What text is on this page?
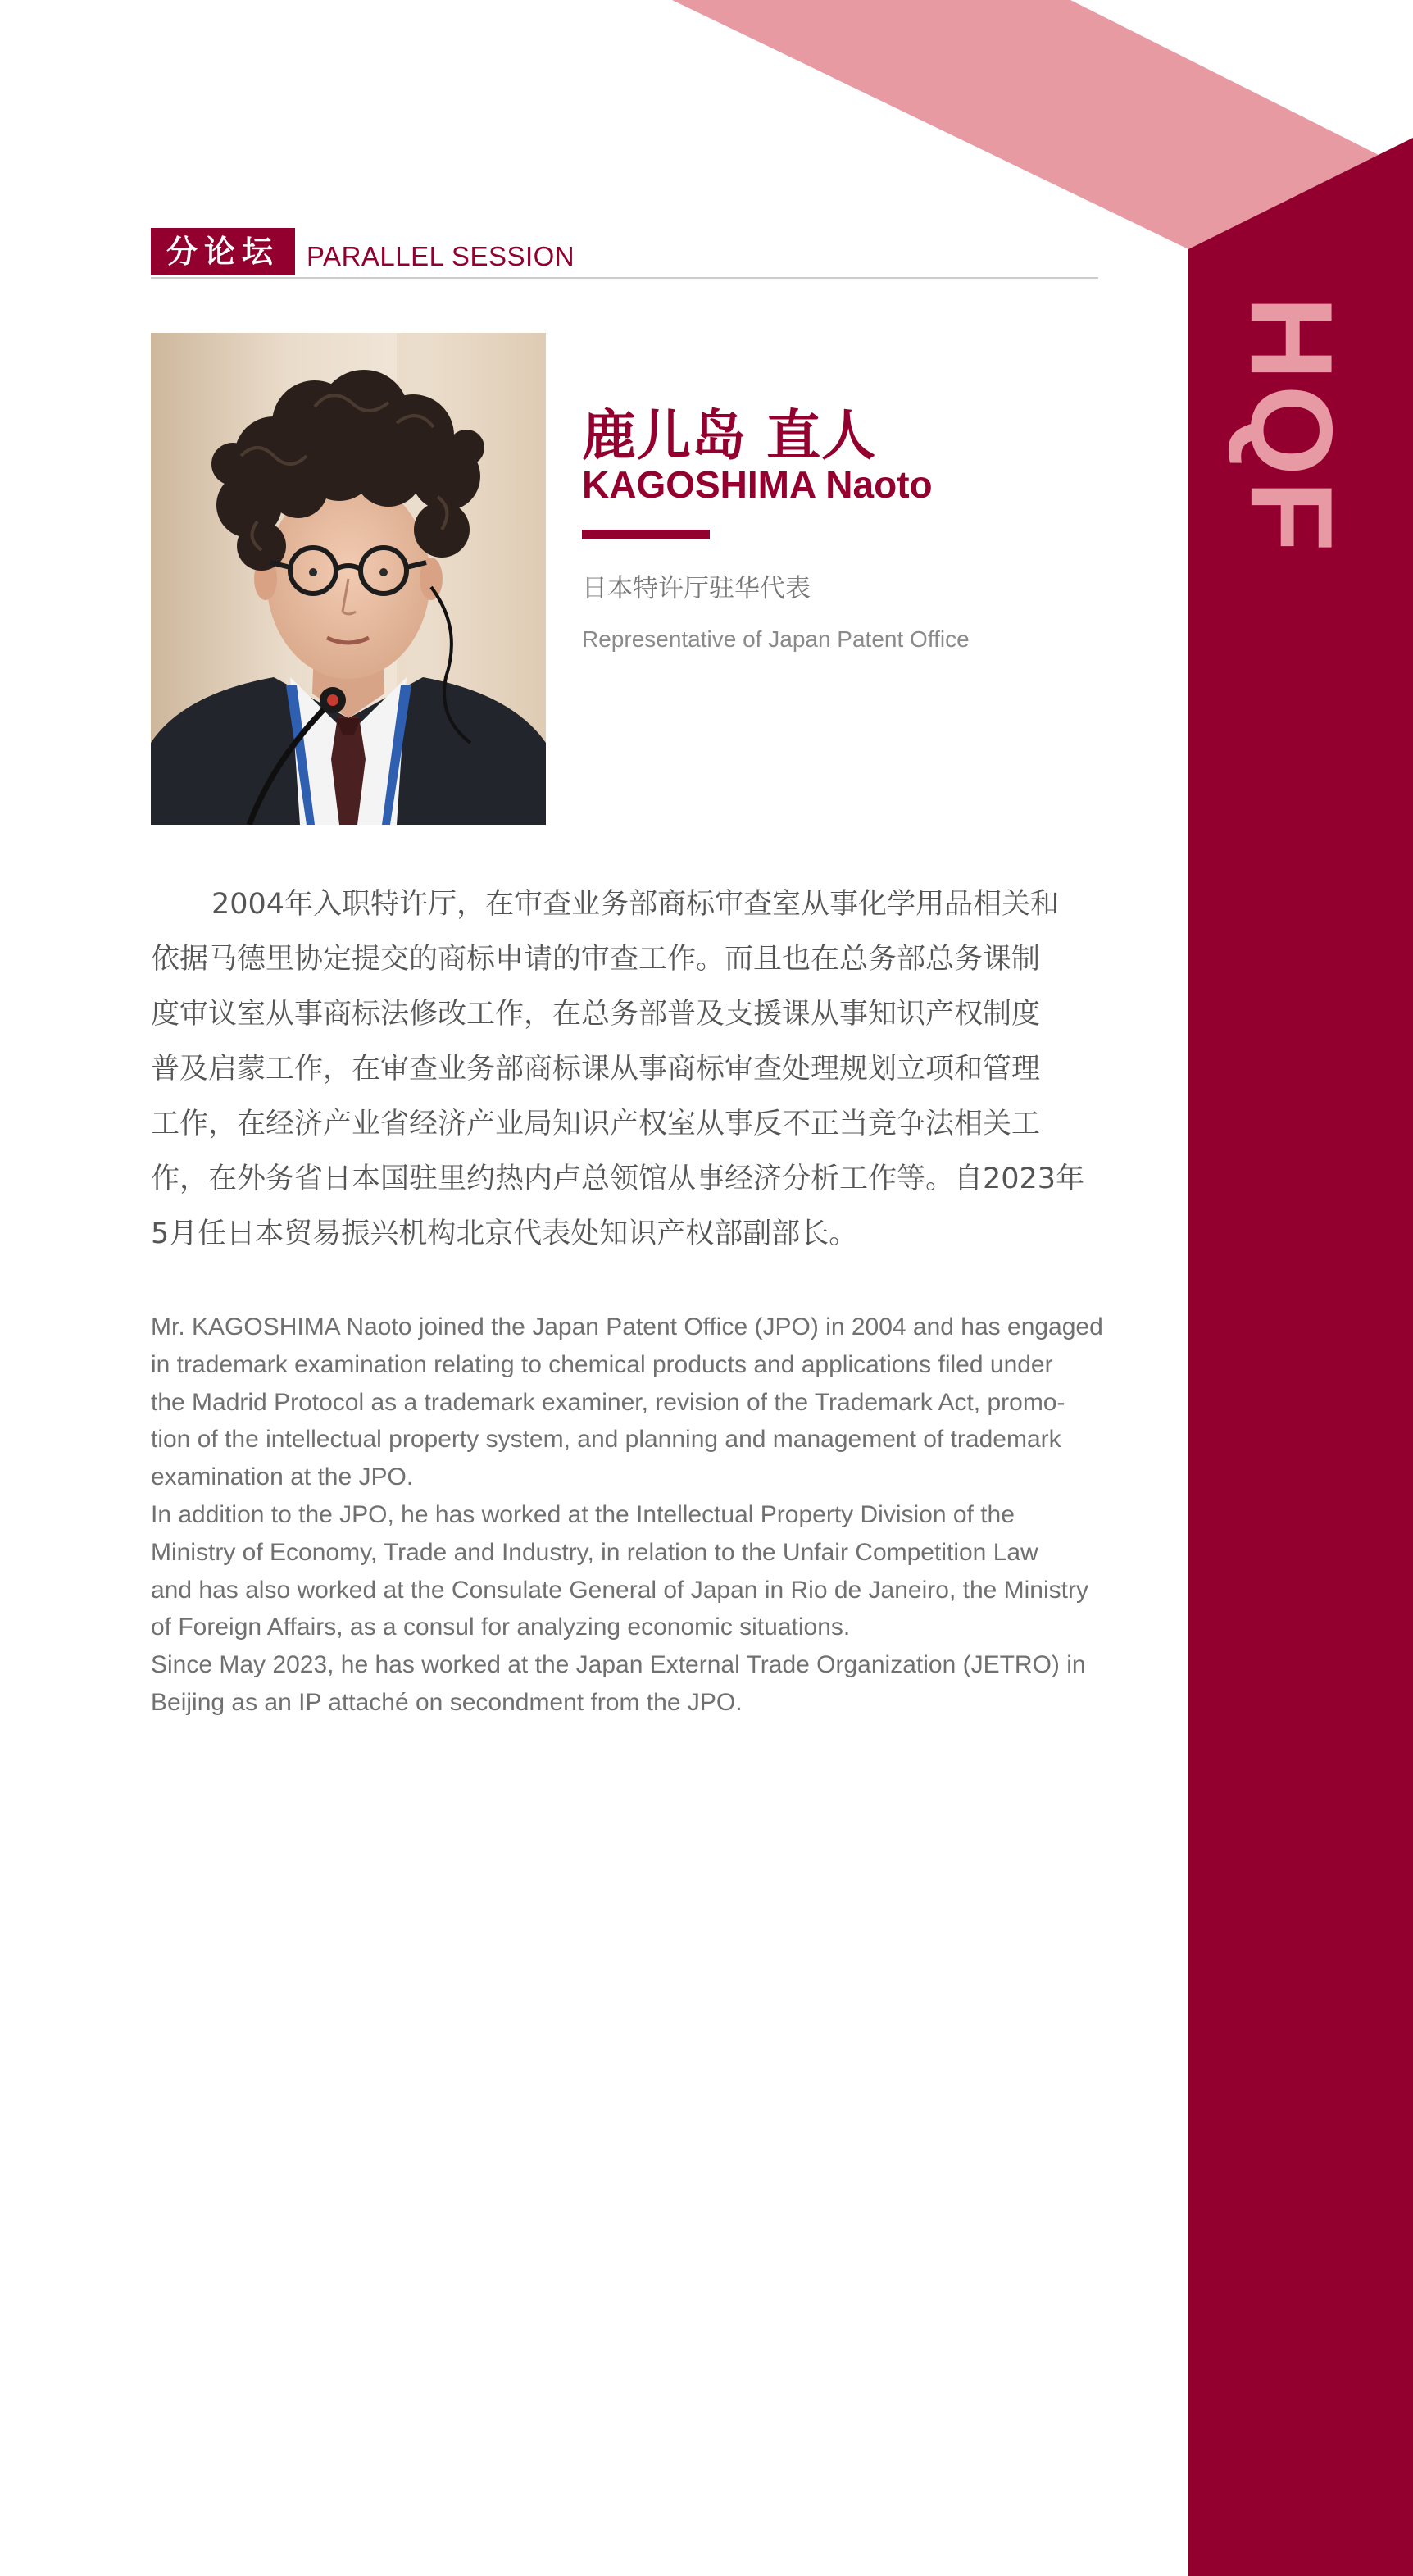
HQF
分论坛	PARALLEL SESSION
鹿儿岛 直人
KAGOSHIMA Naoto
日本特许厅驻华代表
Representative of Japan Patent Office
2004年入职特许厅，在审查业务部商标审查室从事化学用品相关和
依据马德里协定提交的商标申请的审查工作。而且也在总务部总务课制
度审议室从事商标法修改工作，在总务部普及支援课从事知识产权制度
普及启蒙工作，在审查业务部商标课从事商标审查处理规划立项和管理
工作，在经济产业省经济产业局知识产权室从事反不正当竞争法相关工
作，在外务省日本国驻里约热内卢总领馆从事经济分析工作等。自2023年
5月任日本贸易振兴机构北京代表处知识产权部副部长。
Mr. KAGOSHIMA Naoto joined the Japan Patent Office (JPO) in 2004 and has engaged
in trademark examination relating to chemical products and applications filed under
the Madrid Protocol as a trademark examiner, revision of the Trademark Act, promo-
tion of the intellectual property system, and planning and management of trademark
examination at the JPO.
In addition to the JPO, he has worked at the Intellectual Property Division of the
Ministry of Economy, Trade and Industry, in relation to the Unfair Competition Law
and has also worked at the Consulate General of Japan in Rio de Janeiro, the Ministry
of Foreign Affairs, as a consul for analyzing economic situations.
Since May 2023, he has worked at the Japan External Trade Organization (JETRO) in
Beijing as an IP attaché on secondment from the JPO.
